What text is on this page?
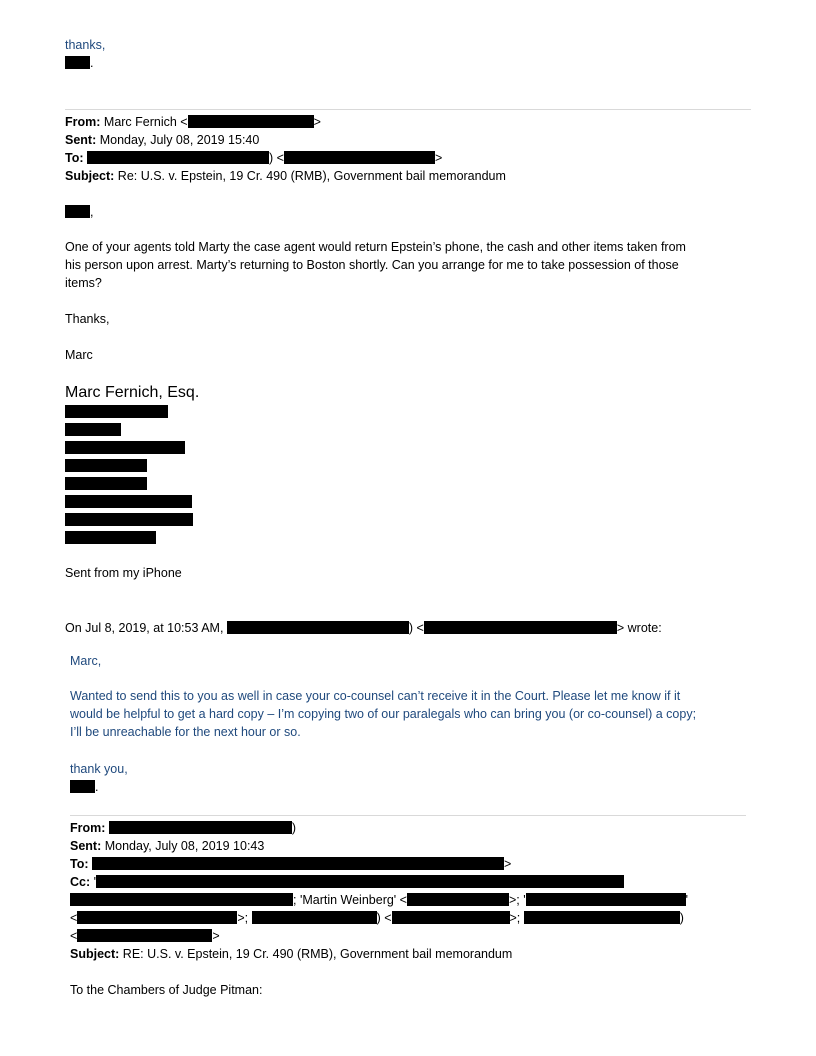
thanks,
.
From: Marc Fernich <	>
Sent: Monday, July 08, 2019 15:40
To:	) <	>
Subject: Re: U.S. v. Epstein, 19 Cr. 490 (RMB), Government bail memorandum
,
One of your agents told Marty the case agent would return Epstein’s phone, the cash and other items taken from
his person upon arrest. Marty’s returning to Boston shortly. Can you arrange for me to take possession of those
items?
Thanks,
Marc
Marc Fernich, Esq.
Sent from my iPhone
On Jul 8, 2019, at 10:53 AM,	) <	> wrote:
Marc,
Wanted to send this to you as well in case your co-counsel can’t receive it in the Court. Please let me know if it
would be helpful to get a hard copy – I’m copying two of our paralegals who can bring you (or co-counsel) a copy;
I’ll be unreachable for the next hour or so.
thank you,
.
From:	)
Sent: Monday, July 08, 2019 10:43
To:	>
Cc: '
; 'Martin Weinberg' <	>; '	'
<	>;	) <	>;	)
<	>
Subject: RE: U.S. v. Epstein, 19 Cr. 490 (RMB), Government bail memorandum
To the Chambers of Judge Pitman:
